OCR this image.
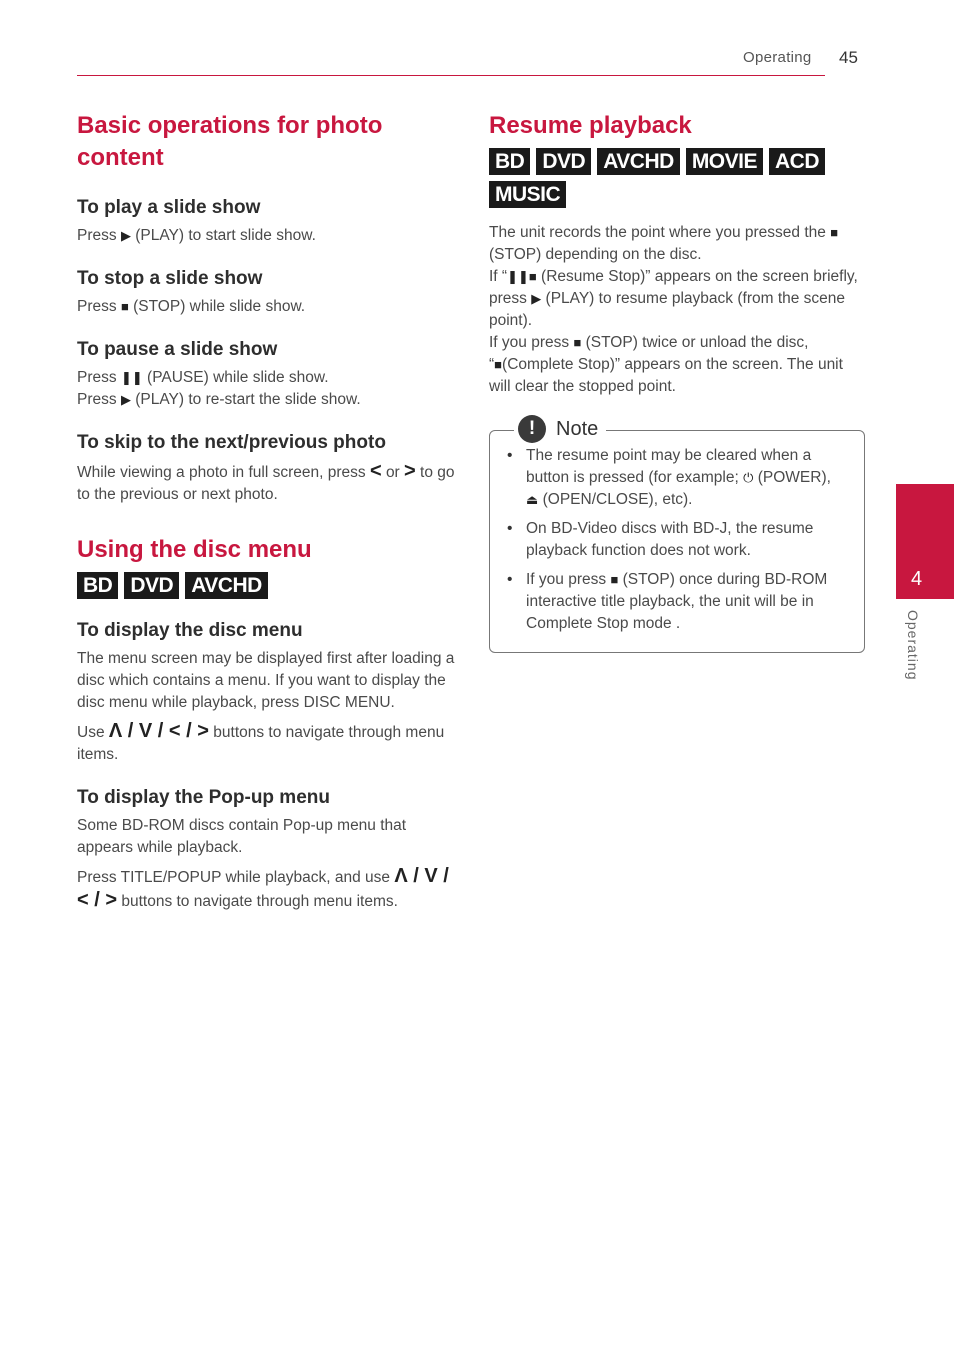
Operating 45
Basic operations for photo content
To play a slide show

Press ▶ (PLAY) to start slide show.

To stop a slide show

Press ■ (STOP) while slide show.

To pause a slide show

Press ❚❚ (PAUSE) while slide show.
Press ▶ (PLAY) to re-start the slide show.

To skip to the next/previous photo

While viewing a photo in full screen, press < or > to go to the previous or next photo.

Using the disc menu
BD DVD AVCHD
To display the disc menu

The menu screen may be displayed first after loading a disc which contains a menu. If you want to display the disc menu while playback, press DISC MENU.

Use Λ / V / < / > buttons to navigate through menu items.

To display the Pop-up menu

Some BD-ROM discs contain Pop-up menu that appears while playback.

Press TITLE/POPUP while playback, and use Λ / V / < / > buttons to navigate through menu items.

Resume playback
BD DVD AVCHD MOVIE ACD
MUSIC

The unit records the point where you pressed the ■ (STOP) depending on the disc.
If “❚❚■ (Resume Stop)” appears on the screen briefly, press ▶ (PLAY) to resume playback (from the scene point).
If you press ■ (STOP) twice or unload the disc, “■(Complete Stop)” appears on the screen. The unit will clear the stopped point.

!	Note
• The resume point may be cleared when a button is pressed (for example; ⏻ (POWER), ⏏ (OPEN/CLOSE), etc).
• On BD-Video discs with BD-J, the resume playback function does not work.
• If you press ■ (STOP) once during BD-ROM interactive title playback, the unit will be in Complete Stop mode .
4
Operating
